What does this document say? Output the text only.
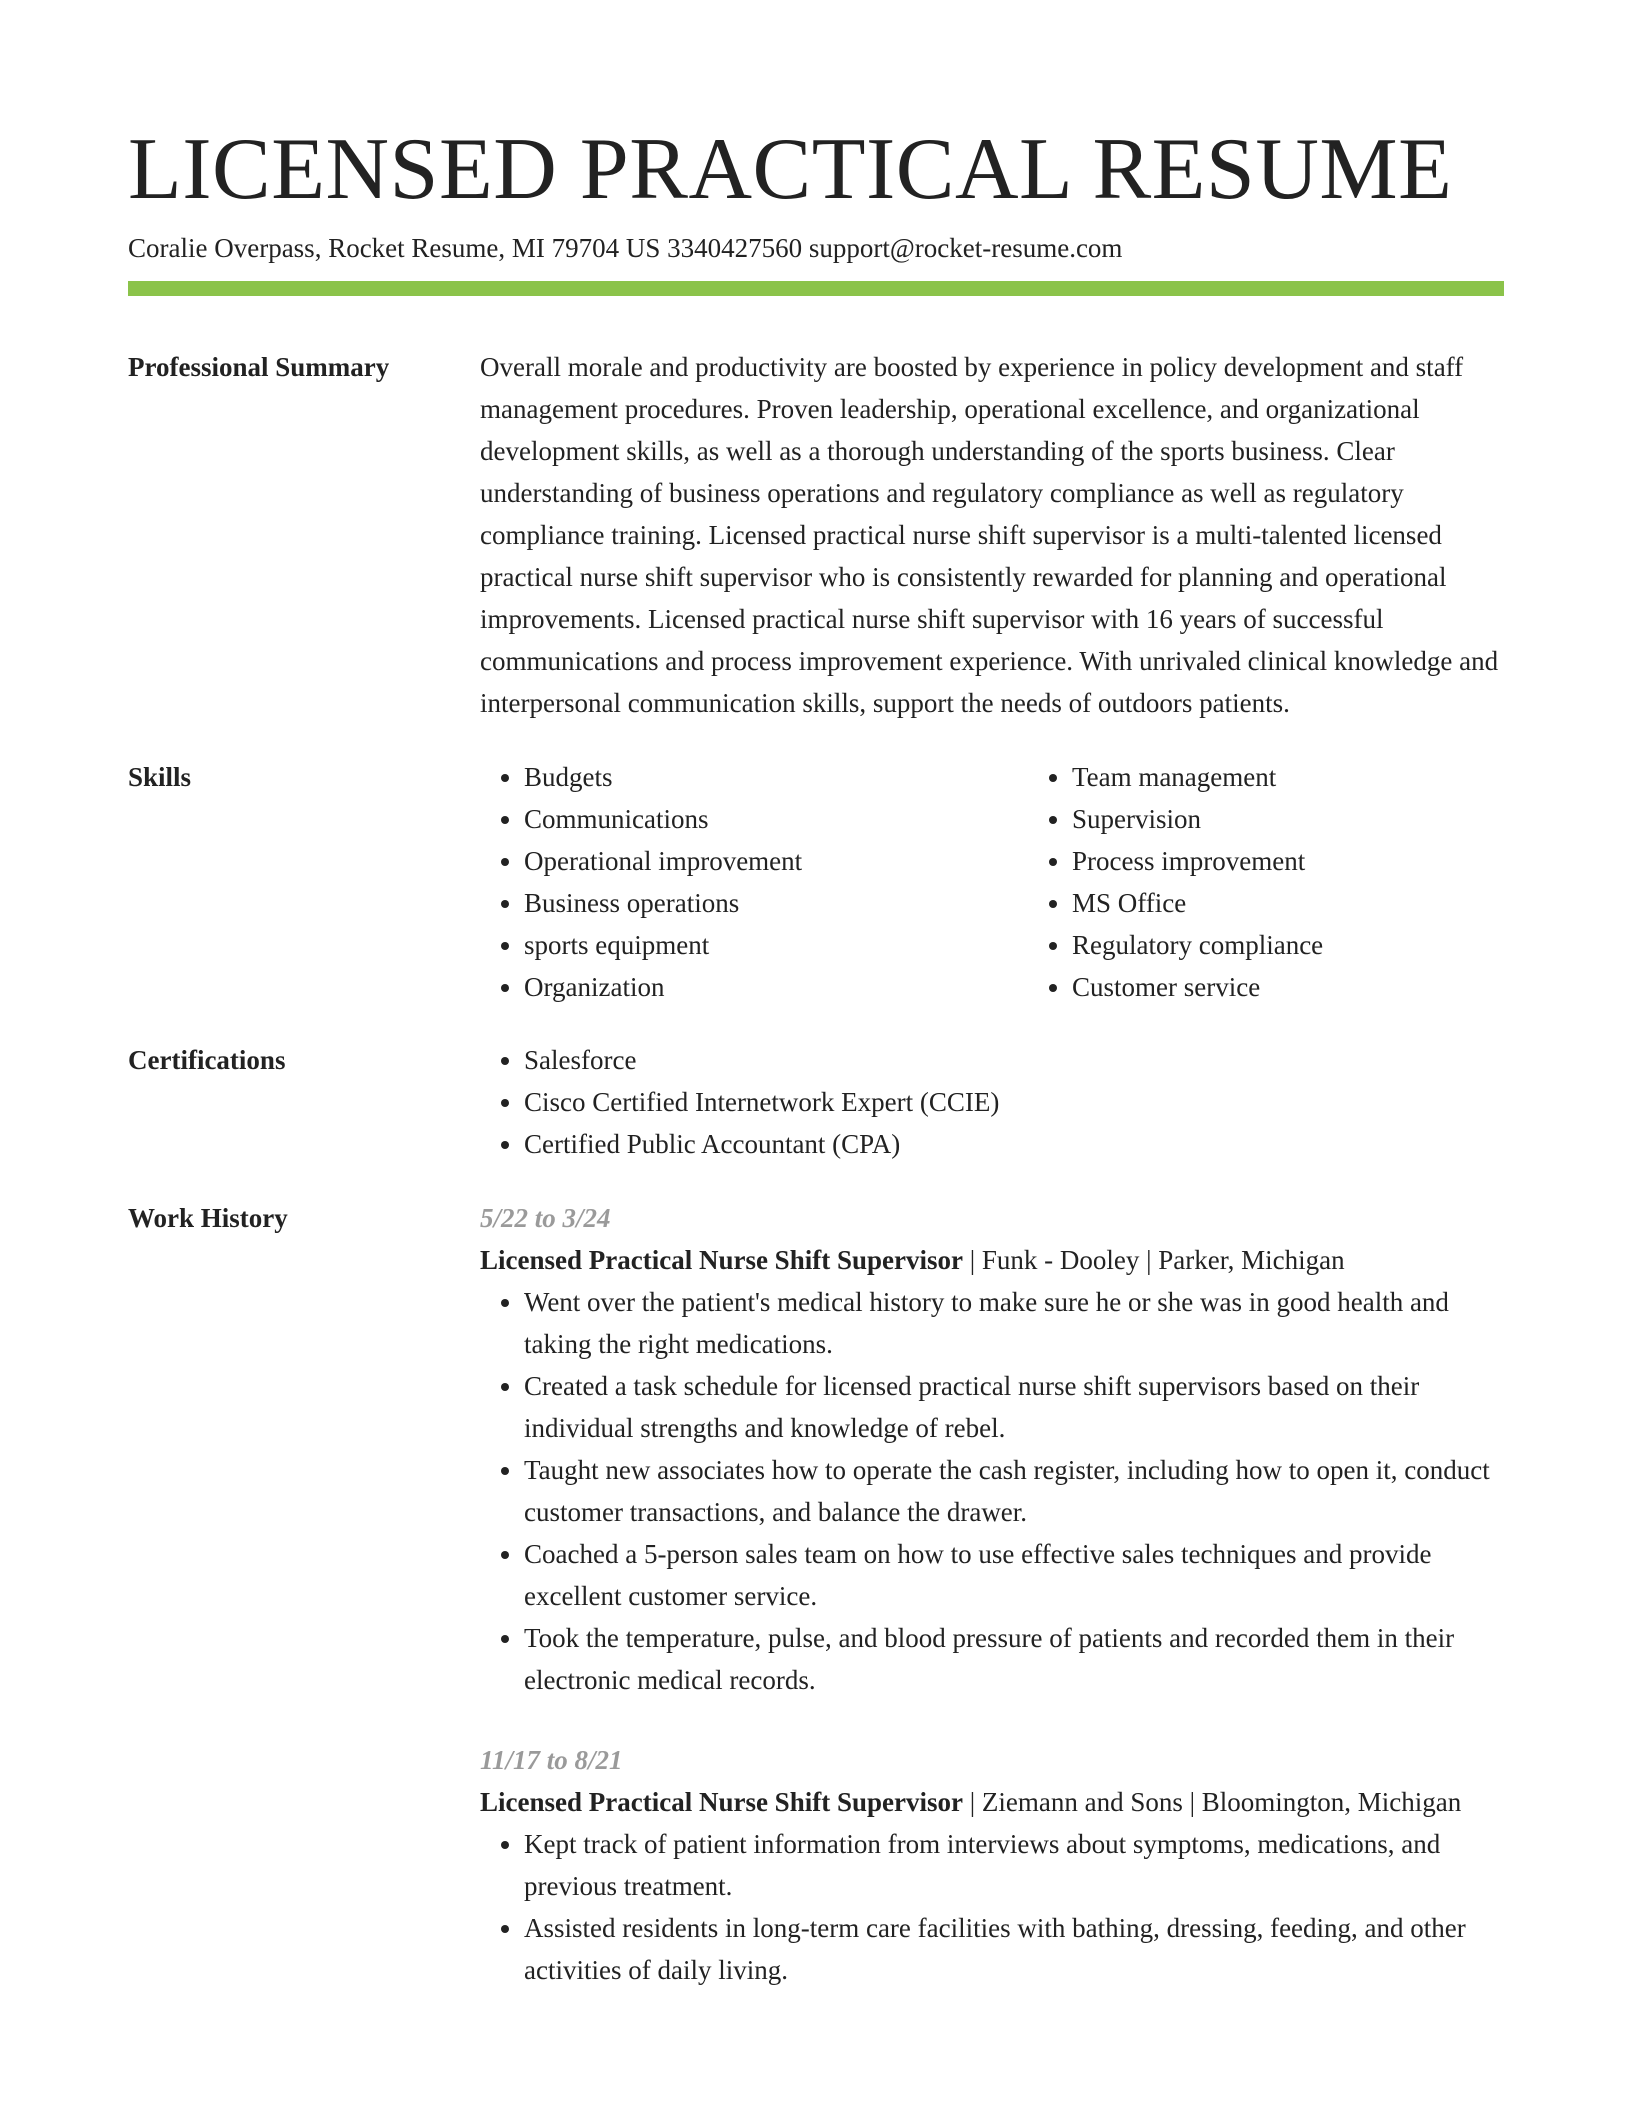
LICENSED PRACTICAL RESUME
Coralie Overpass, Rocket Resume, MI 79704 US 3340427560 support@rocket-resume.com
Professional Summary	Overall morale and productivity are boosted by experience in policy development and staff management procedures. Proven leadership, operational excellence, and organizational development skills, as well as a thorough understanding of the sports business. Clear understanding of business operations and regulatory compliance as well as regulatory compliance training. Licensed practical nurse shift supervisor is a multi-talented licensed practical nurse shift supervisor who is consistently rewarded for planning and operational improvements. Licensed practical nurse shift supervisor with 16 years of successful communications and process improvement experience. With unrivaled clinical knowledge and interpersonal communication skills, support the needs of outdoors patients.
Skills	• Budgets
• Communications
• Operational improvement
• Business operations
• sports equipment
• Organization
• Team management
• Supervision
• Process improvement
• MS Office
• Regulatory compliance
• Customer service
Certifications	• Salesforce
• Cisco Certified Internetwork Expert (CCIE)
• Certified Public Accountant (CPA)
Work History	5/22 to 3/24
Licensed Practical Nurse Shift Supervisor | Funk - Dooley | Parker, Michigan
• Went over the patient's medical history to make sure he or she was in good health and taking the right medications.
• Created a task schedule for licensed practical nurse shift supervisors based on their individual strengths and knowledge of rebel.
• Taught new associates how to operate the cash register, including how to open it, conduct customer transactions, and balance the drawer.
• Coached a 5-person sales team on how to use effective sales techniques and provide excellent customer service.
• Took the temperature, pulse, and blood pressure of patients and recorded them in their electronic medical records.
11/17 to 8/21
Licensed Practical Nurse Shift Supervisor | Ziemann and Sons | Bloomington, Michigan
• Kept track of patient information from interviews about symptoms, medications, and previous treatment.
• Assisted residents in long-term care facilities with bathing, dressing, feeding, and other activities of daily living.
